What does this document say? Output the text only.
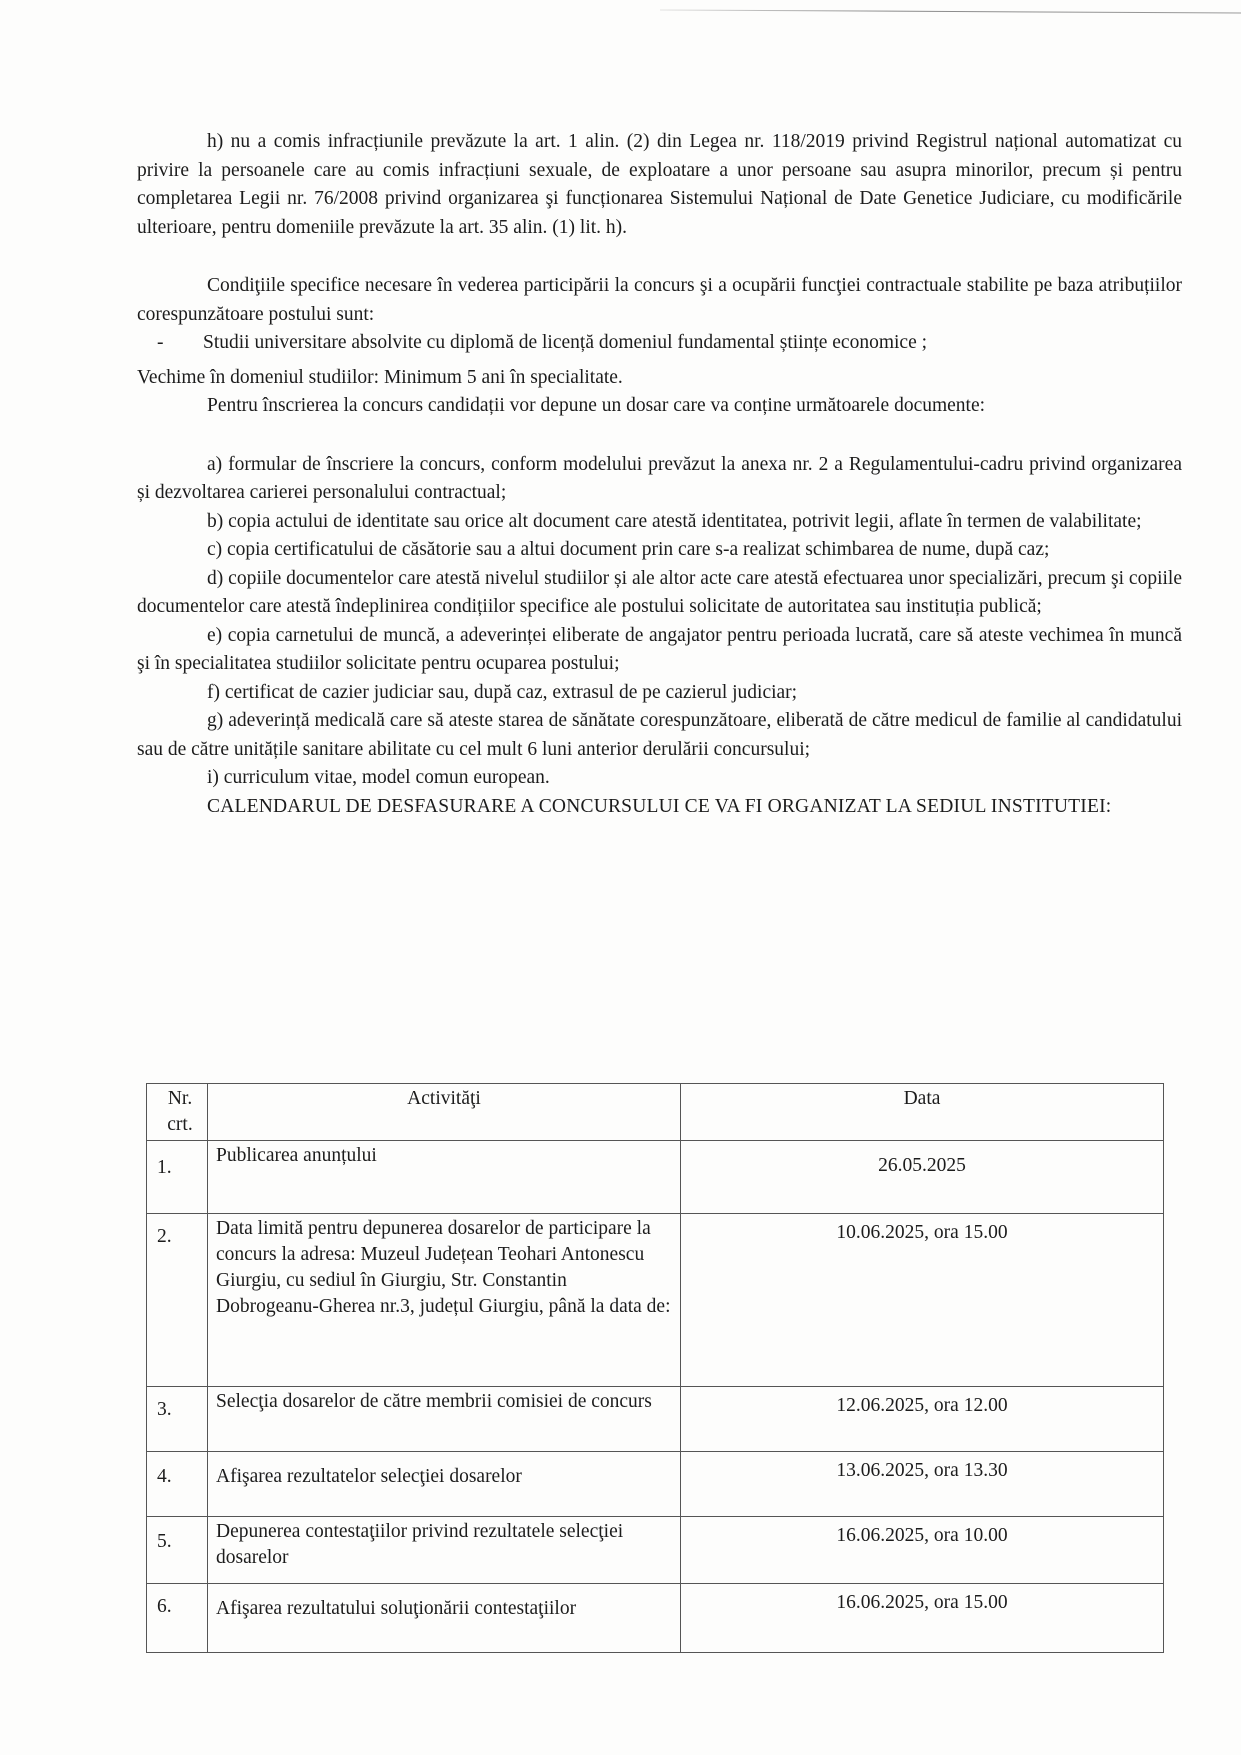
h) nu a comis infracțiunile prevăzute la art. 1 alin. (2) din Legea nr. 118/2019 privind Registrul național automatizat cu privire la persoanele care au comis infracțiuni sexuale, de exploatare a unor persoane sau asupra minorilor, precum și pentru completarea Legii nr. 76/2008 privind organizarea şi funcționarea Sistemului Național de Date Genetice Judiciare, cu modificările ulterioare, pentru domeniile prevăzute la art. 35 alin. (1) lit. h).

Condiţiile specifice necesare în vederea participării la concurs şi a ocupării funcţiei contractuale stabilite pe baza atribuțiilor corespunzătoare postului sunt:

- Studii universitare absolvite cu diplomă de licență domeniul fundamental științe economice ;

Vechime în domeniul studiilor: Minimum 5 ani în specialitate.

Pentru înscrierea la concurs candidații vor depune un dosar care va conține următoarele documente:

a) formular de înscriere la concurs, conform modelului prevăzut la anexa nr. 2 a Regulamentului-cadru privind organizarea și dezvoltarea carierei personalului contractual;

b) copia actului de identitate sau orice alt document care atestă identitatea, potrivit legii, aflate în termen de valabilitate;

c) copia certificatului de căsătorie sau a altui document prin care s-a realizat schimbarea de nume, după caz;

d) copiile documentelor care atestă nivelul studiilor și ale altor acte care atestă efectuarea unor specializări, precum şi copiile documentelor care atestă îndeplinirea condițiilor specifice ale postului solicitate de autoritatea sau instituția publică;

e) copia carnetului de muncă, a adeverinței eliberate de angajator pentru perioada lucrată, care să ateste vechimea în muncă şi în specialitatea studiilor solicitate pentru ocuparea postului;

f) certificat de cazier judiciar sau, după caz, extrasul de pe cazierul judiciar;

g) adeverință medicală care să ateste starea de sănătate corespunzătoare, eliberată de către medicul de familie al candidatului sau de către unitățile sanitare abilitate cu cel mult 6 luni anterior derulării concursului;

i) curriculum vitae, model comun european.

CALENDARUL DE DESFASURARE A CONCURSULUI CE VA FI ORGANIZAT LA SEDIUL INSTITUTIEI:

Nr. crt.	Activităţi	Data
1.	Publicarea anunțului	26.05.2025
2.	Data limită pentru depunerea dosarelor de participare la concurs la adresa: Muzeul Județean Teohari Antonescu Giurgiu, cu sediul în Giurgiu, Str. Constantin Dobrogeanu-Gherea nr.3, județul Giurgiu, până la data de:	10.06.2025, ora 15.00
3.	Selecţia dosarelor de către membrii comisiei de concurs	12.06.2025, ora 12.00
4.	Afişarea rezultatelor selecţiei dosarelor	13.06.2025, ora 13.30
5.	Depunerea contestaţiilor privind rezultatele selecţiei dosarelor	16.06.2025, ora 10.00
6.	Afişarea rezultatului soluţionării contestaţiilor	16.06.2025, ora 15.00
